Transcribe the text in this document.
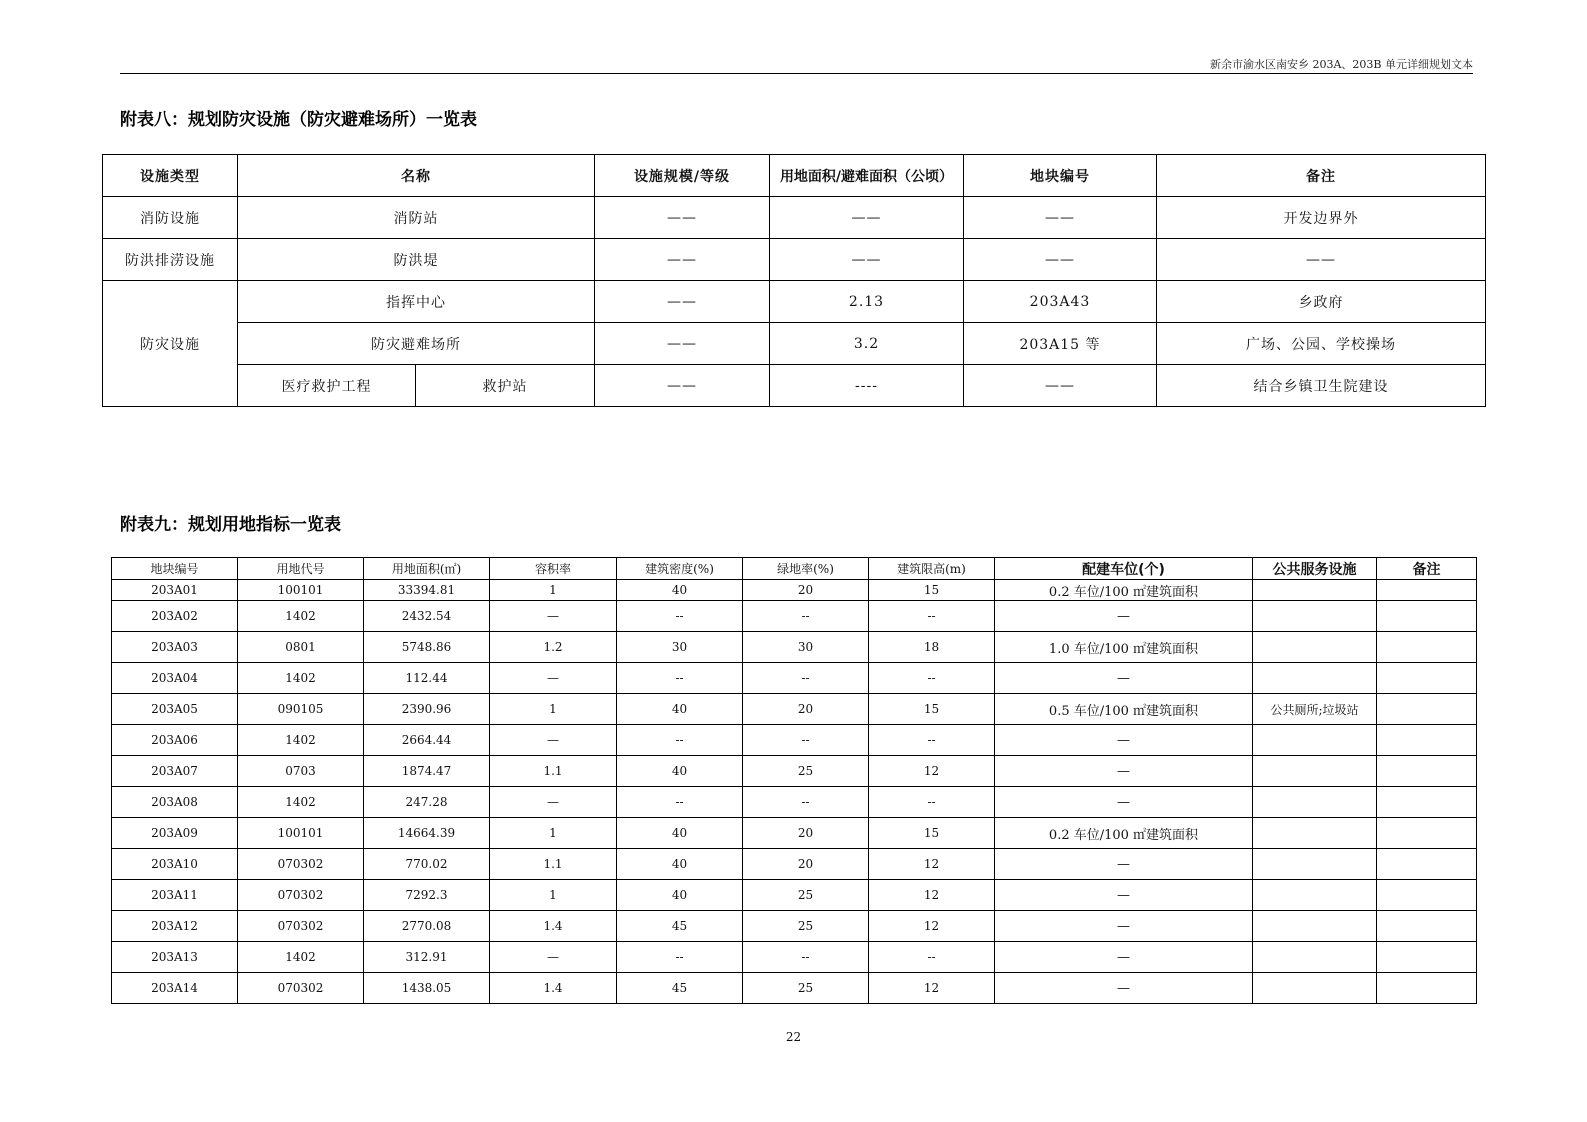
新余市渝水区南安乡 203A、203B 单元详细规划文本
附表八：规划防灾设施（防灾避难场所）一览表
设施类型	名称		设施规模/等级	用地面积/避难面积（公顷）	地块编号	备注
消防设施	消防站		——	——	——	开发边界外
防洪排涝设施	防洪堤		——	——	——	——
防灾设施	指挥中心		——	2.13	203A43	乡政府
	防灾避难场所		——	3.2	203A15 等	广场、公园、学校操场
	医疗救护工程	救护站	——	----	——	结合乡镇卫生院建设
附表九：规划用地指标一览表
地块编号	用地代号	用地面积(㎡)	容积率	建筑密度(%)	绿地率(%)	建筑限高(m)	配建车位(个)	公共服务设施	备注
203A01	100101	33394.81	1	40	20	15	0.2 车位/100 ㎡建筑面积		
203A02	1402	2432.54	—	--	--	--	—		
203A03	0801	5748.86	1.2	30	30	18	1.0 车位/100 ㎡建筑面积		
203A04	1402	112.44	—	--	--	--	—		
203A05	090105	2390.96	1	40	20	15	0.5 车位/100 ㎡建筑面积	公共厕所;垃圾站	
203A06	1402	2664.44	—	--	--	--	—		
203A07	0703	1874.47	1.1	40	25	12	—		
203A08	1402	247.28	—	--	--	--	—		
203A09	100101	14664.39	1	40	20	15	0.2 车位/100 ㎡建筑面积		
203A10	070302	770.02	1.1	40	20	12	—		
203A11	070302	7292.3	1	40	25	12	—		
203A12	070302	2770.08	1.4	45	25	12	—		
203A13	1402	312.91	—	--	--	--	—		
203A14	070302	1438.05	1.4	45	25	12	—		
22
